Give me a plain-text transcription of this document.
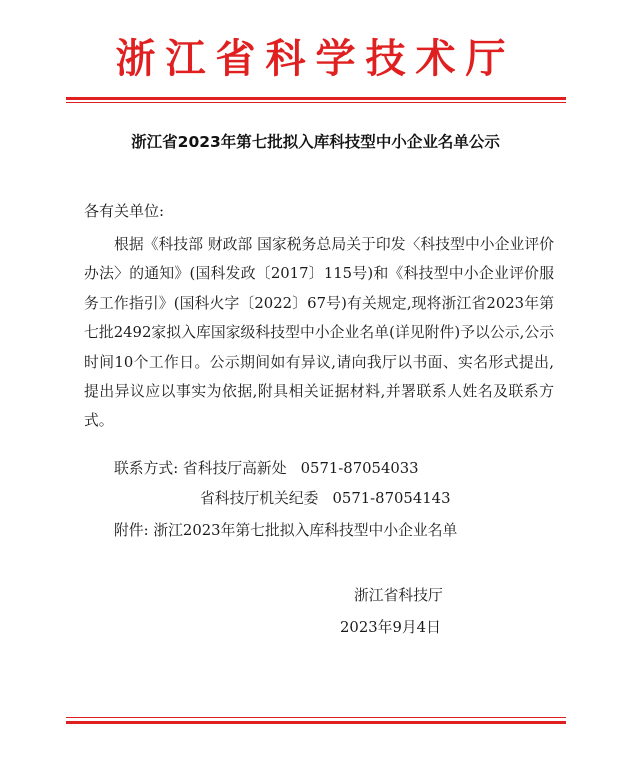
浙江省科学技术厅
浙江省2023年第七批拟入库科技型中小企业名单公示
各有关单位:

根据《科技部 财政部 国家税务总局关于印发〈科技型中小企业评价办法〉的通知》(国科发政〔2017〕115号)和《科技型中小企业评价服务工作指引》(国科火字〔2022〕67号)有关规定,现将浙江省2023年第七批2492家拟入库国家级科技型中小企业名单(详见附件)予以公示,公示时间10个工作日。公示期间如有异议,请向我厅以书面、实名形式提出,提出异议应以事实为依据,附具相关证据材料,并署联系人姓名及联系方式。

联系方式: 省科技厅高新处 0571-87054033
省科技厅机关纪委 0571-87054143
附件: 浙江2023年第七批拟入库科技型中小企业名单
浙江省科技厅
2023年9月4日
